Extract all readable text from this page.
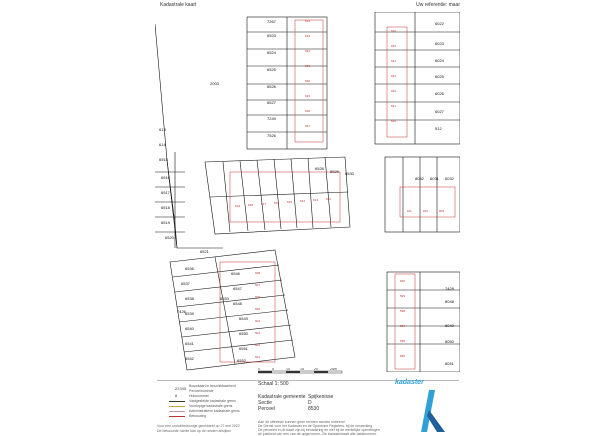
Kadastrale kaart	Uw referentie: maar
7267
6523
6524
6525
6526
6527
7249
7526
2003
6022
6023
6024
6025
6026
6027
512
613
614
6515
6516
6517
6518
6519
6520
6521
6528
6529 6530
6536
6537
6538
6539
6540
6541
6542
6546
6547
6548
6549
6550
6551
6552
6553
7426
7429
8048
8049
8050
8051
8052 6031 6032
634
633
632
631
630
629
628
627
626
625
624
623
622
621
620
619	618	617	616	615	614	613	612
611	610	609
608
607
606
605
604
603
602
601
600
599
598
597
596
595
22345
8
Bouwkaart in beschikbaarheid
Perceelnummer
Huisnummer
Vastgestelde kadastrale grens
Voorlopige kadastrale grens
Administratieve kadastrale grens
Bebouwing
Voor een ondubbelzinnige gemiddeld op 27 mei 2022
De bebouwde ruimte kan op de randen afwijken
0	5	10	15	20	25m
Schaal 1: 500
Kadastrale gemeente Spijkenisse
Sectie	D
Perceel	8530
Aan dit uittreksel kunnen geen rechten worden ontleend
De Dienst voor het Kadaster en de Openbare Registers, bij de verwerking
De percelen in de kaart zijn bij benadering en niet bij de werkelijke opmetingen
de juistheid van een van de opgenomen, Zie kadasterkaart alle databronnen.
kadaster
